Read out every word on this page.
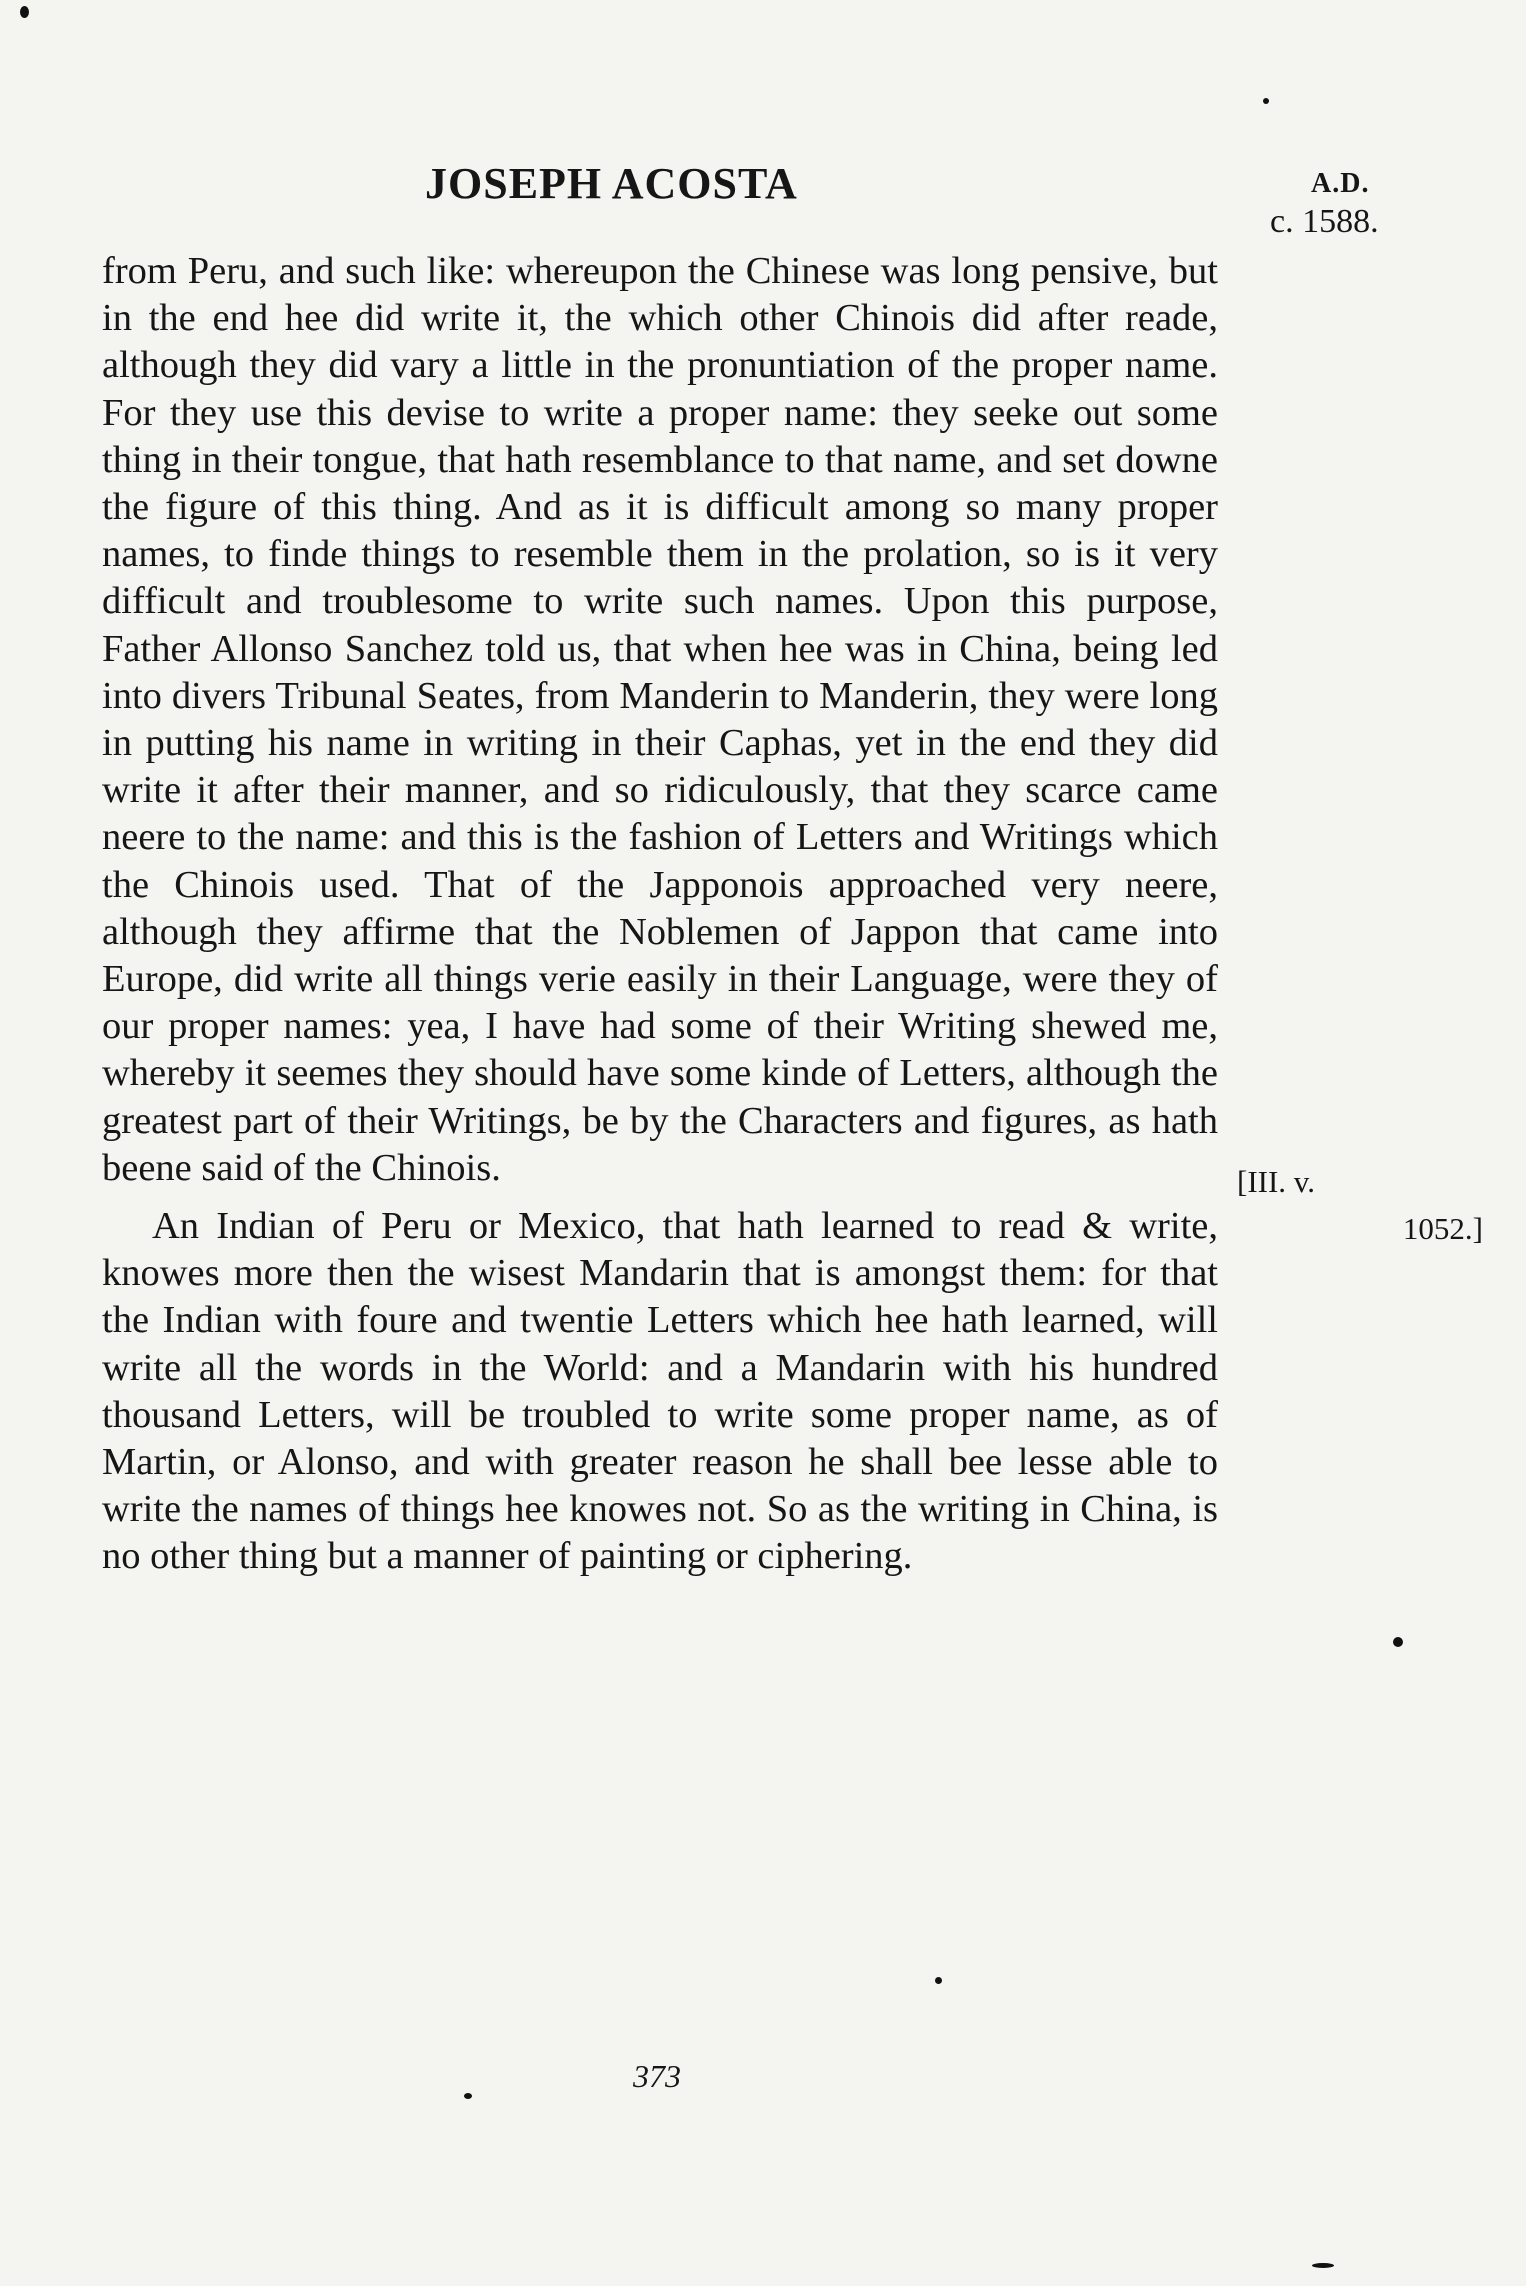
JOSEPH ACOSTA	A.D.
c. 1588.

from Peru, and such like: whereupon the Chinese was long pensive, but in the end hee did write it, the which other Chinois did after reade, although they did vary a little in the pronuntiation of the proper name. For they use this devise to write a proper name: they seeke out some thing in their tongue, that hath resemblance to that name, and set downe the figure of this thing. And as it is difficult among so many proper names, to finde things to resemble them in the prolation, so is it very difficult and troublesome to write such names. Upon this purpose, Father Allonso Sanchez told us, that when hee was in China, being led into divers Tribunal Seates, from Manderin to Manderin, they were long in putting his name in writing in their Caphas, yet in the end they did write it after their manner, and so ridiculously, that they scarce came neere to the name: and this is the fashion of Letters and Writings which the Chinois used. That of the Japponois approached very neere, although they affirme that the Noblemen of Jappon that came into Europe, did write all things verie easily in their Language, were they of our proper names: yea, I have had some of their Writing shewed me, whereby it seemes they should have some kinde of Letters, although the greatest part of their Writings, be by the Characters and figures, as hath beene said of the Chinois.

An Indian of Peru or Mexico, that hath learned to read & write, knowes more then the wisest Mandarin that is amongst them: for that the Indian with foure and twentie Letters which hee hath learned, will write all the words in the World: and a Mandarin with his hundred thousand Letters, will be troubled to write some proper name, as of Martin, or Alonso, and with greater reason he shall bee lesse able to write the names of things hee knowes not. So as the writing in China, is no other thing but a manner of painting or ciphering.

[III. v.
1052.]
373
